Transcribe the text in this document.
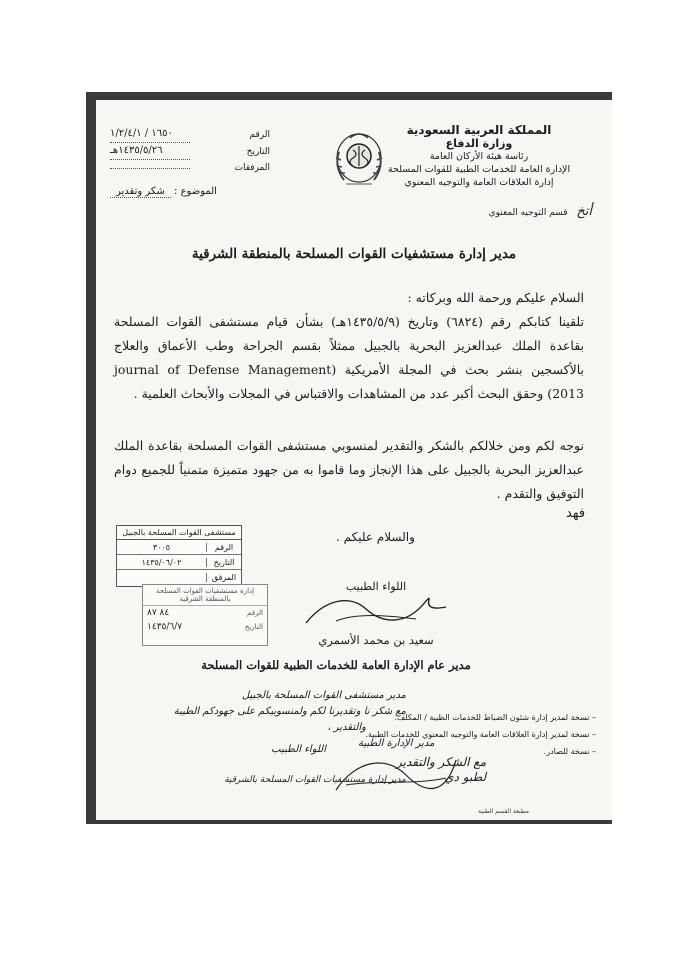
المملكة العربية السعودية
وزارة الدفاع
رئاسة هيئة الأركان العامة
الإدارة العامة للخدمات الطبية للقوات المسلحة
إدارة العلاقات العامة والتوجيه المعنوي
الرقم
١٦٥٠ / ١/٢/٤/١
التاريخ
١٤٣٥/٥/٢٦هـ
المرفقات
الموضوع : شكر وتقدير
أتخ قسم التوجيه المعنوي
مدير إدارة مستشفيات القوات المسلحة بالمنطقة الشرقية
السلام عليكم ورحمة الله وبركاته :
تلقينا كتابكم رقم (٦٨٢٤) وتاريخ (١٤٣٥/٥/٩هـ) بشأن قيام مستشفى القوات المسلحة بقاعدة الملك عبدالعزيز البحرية بالجبيل ممثلاً بقسم الجراحة وطب الأعماق والعلاج بالأكسجين بنشر بحث في المجلة الأمريكية (journal of Defense Management 2013) وحقق البحث أكبر عدد من المشاهدات والاقتباس في المجلات والأبحاث العلمية .
نوجه لكم ومن خلالكم بالشكر والتقدير لمنسوبي مستشفى القوات المسلحة بقاعدة الملك عبدالعزيز البحرية بالجبيل على هذا الإنجاز وما قاموا به من جهود متميزة متمنياً للجميع دوام التوفيق والتقدم .
فهد
والسلام عليكم .
مستشفى القوات المسلحة بالجبيل
الرقم
٣٠٠٥
التاريخ
١٤٣٥/٠٦/٠٢
المرفق
إدارة مستشفيات القوات المسلحة بالمنطقة الشرقية
الرقم
٨٤ ٨٧
التاريخ
١٤٣٥/٦/٧
اللواء الطبيب
سعيد بن محمد الأسمري
مدير عام الإدارة العامة للخدمات الطبية للقوات المسلحة
مدير مستشفى القوات المسلحة بالجبيل
مع شكر نا وتقديرنا لكم ولمنسوبيكم على جهودكم الطيبة
والتقدير ،
اللواء الطبيب
مدير إدارة مستشفيات القوات المسلحة بالشرقية
– نسخة لمدير إدارة شئون الضباط للخدمات الطبية / المكلف.
– نسخة لمدير إدارة العلاقات العامة والتوجيه المعنوي للخدمات الطبية.
– نسخة للصادر.
مع الشكر والتقدير
لطبو دي
مدير الإدارة الطبية
مطبعة القسم الطبية
